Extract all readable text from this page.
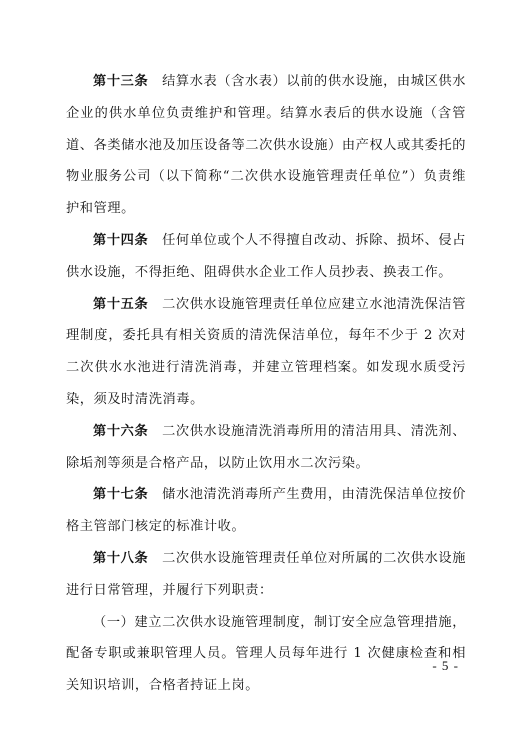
第十三条　结算水表（含水表）以前的供水设施，由城区供水企业的供水单位负责维护和管理。结算水表后的供水设施（含管道、各类储水池及加压设备等二次供水设施）由产权人或其委托的物业服务公司（以下简称“二次供水设施管理责任单位”）负责维护和管理。

第十四条　任何单位或个人不得擅自改动、拆除、损坏、侵占供水设施，不得拒绝、阻碍供水企业工作人员抄表、换表工作。

第十五条　二次供水设施管理责任单位应建立水池清洗保洁管理制度，委托具有相关资质的清洗保洁单位，每年不少于 2 次对二次供水水池进行清洗消毒，并建立管理档案。如发现水质受污染，须及时清洗消毒。

第十六条　二次供水设施清洗消毒所用的清洁用具、清洗剂、除垢剂等须是合格产品，以防止饮用水二次污染。

第十七条　储水池清洗消毒所产生费用，由清洗保洁单位按价格主管部门核定的标准计收。

第十八条　二次供水设施管理责任单位对所属的二次供水设施进行日常管理，并履行下列职责：

（一）建立二次供水设施管理制度，制订安全应急管理措施，配备专职或兼职管理人员。管理人员每年进行 1 次健康检查和相关知识培训，合格者持证上岗。

- 5 -
